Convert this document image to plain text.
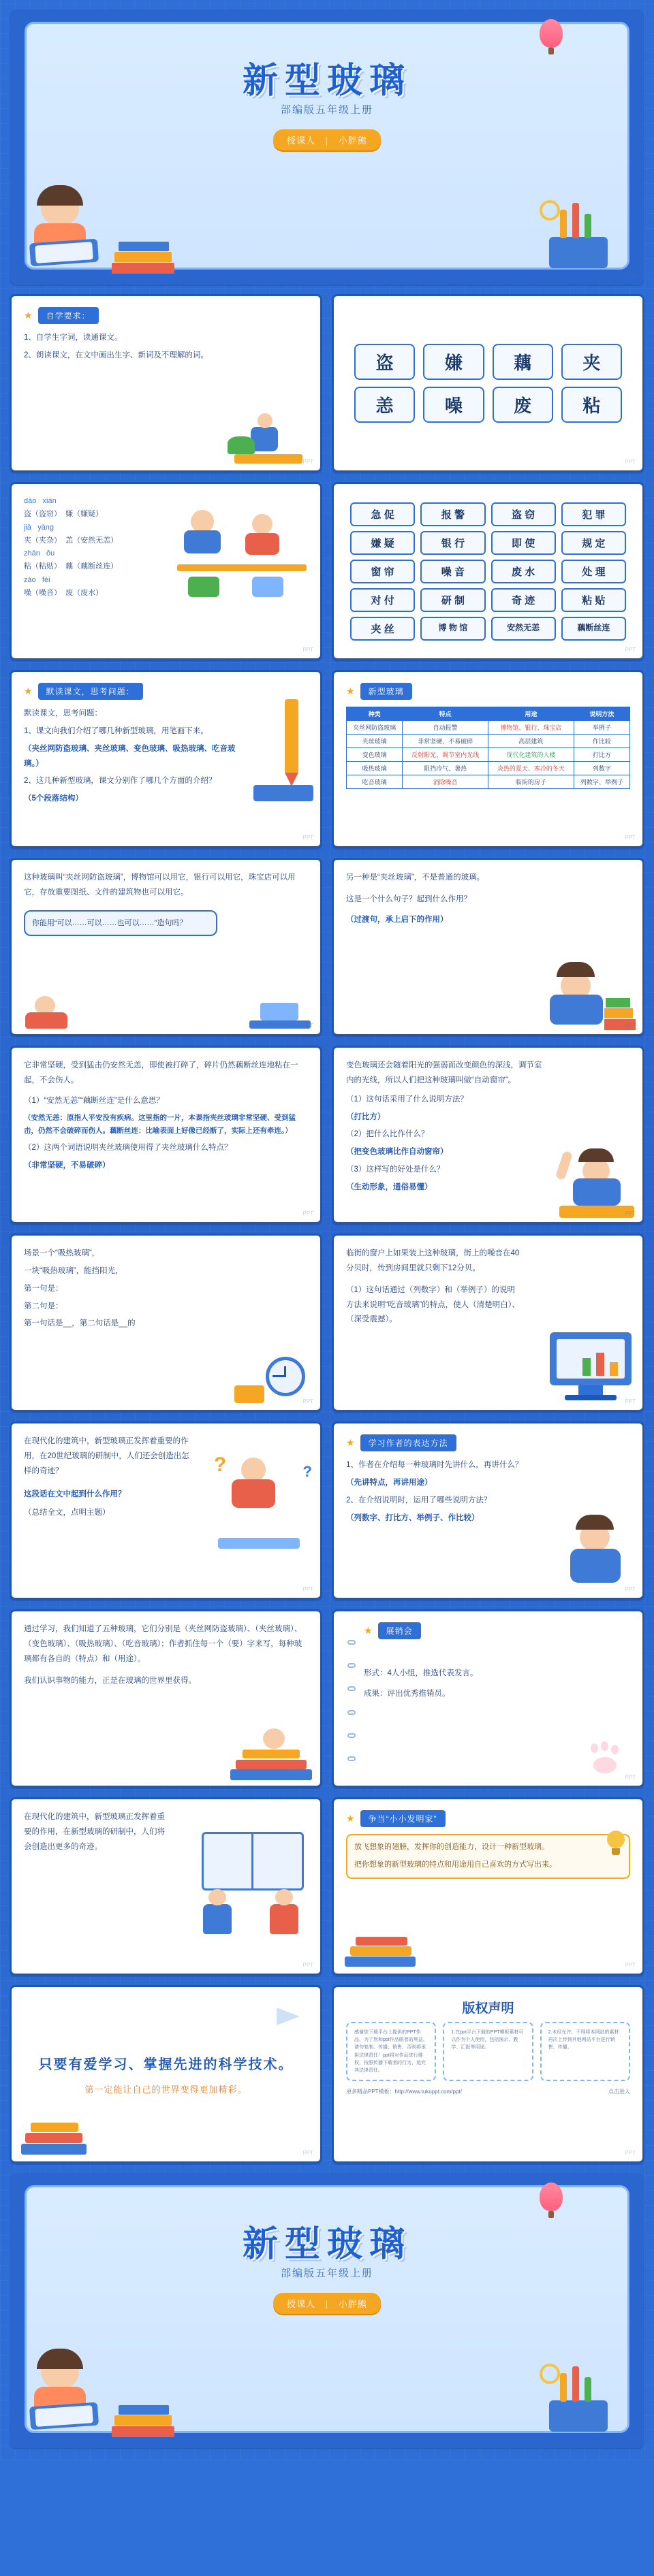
新型玻璃
部编版五年级上册
授课人 | 小胖熊
PPT
★	自学要求：

1、自学生字词，读通课文。

2、朗读课文，在文中画出生字、新词及不理解的词。

PPT
盗	嫌	藕	夹
恙	噪	废	粘
PPT
dào xián
盗（盗窃） 嫌（嫌疑）
jiā yàng
夹（夹杂） 恙（安然无恙）
zhān ǒu
粘（粘贴） 藕（藕断丝连）
zào fèi
噪（噪音） 废（废水）
PPT
急 促	报 警	盗 窃	犯 罪
嫌 疑	银 行	即 使	规 定
窗 帘	噪 音	废 水	处 理
对 付	研 制	奇 迹	粘 贴
夹 丝	博 物 馆	安然无恙	藕断丝连
PPT
★	默读课文，思考问题：

默读课文，思考问题：

1、课文向我们介绍了哪几种新型玻璃，用笔画下来。

（夹丝网防盗玻璃、夹丝玻璃、变色玻璃、吸热玻璃、吃音玻璃。）

2、这几种新型玻璃，课文分别作了哪几个方面的介绍？

（5个段落结构）

PPT
★	新型玻璃
种类	特点	用途	说明方法
夹丝网防盗玻璃	自动报警	博物馆、银行、珠宝店	举例子
夹丝玻璃	非常坚硬、不易破碎	高层建筑	作比较
变色玻璃	反射阳光、调节室内光线	现代化建筑的大楼	打比方
吸热玻璃	阻挡冷气、暑热	炎热的夏天、寒冷的冬天	列数字
吃音玻璃	消除噪音	临街的房子	列数字、举例子
PPT
这种玻璃叫“夹丝网防盗玻璃”，博物馆可以用它，银行可以用它，珠宝店可以用它，存放重要图纸、文件的建筑物也可以用它。
你能用“可以……可以……也可以……”造句吗？
PPT
另一种是“夹丝玻璃”，不是普通的玻璃。
这是一个什么句子？起到什么作用？
（过渡句，承上启下的作用）
PPT
它非常坚硬，受到猛击仍安然无恙，即使被打碎了，碎片仍然藕断丝连地粘在一起，不会伤人。

（1）“安然无恙”“藕断丝连”是什么意思？

（安然无恙：原指人平安没有疾病。这里指的一片，本课指夹丝玻璃非常坚硬、受到猛击，仍然不会破碎而伤人。藕断丝连：比喻表面上好像已经断了，实际上还有牵连。）

（2）这两个词语说明夹丝玻璃使用得了夹丝玻璃什么特点？

（非常坚硬，不易破碎）

PPT
变色玻璃还会随着阳光的强弱而改变颜色的深浅，调节室内的光线，所以人们把这种玻璃叫做“自动窗帘”。

（1）这句话采用了什么说明方法？

（打比方）

（2）把什么比作什么？

（把变色玻璃比作自动窗帘）

（3）这样写的好处是什么？

（生动形象，通俗易懂）

PPT

场景一个“吸热玻璃”，

一块“吸热玻璃”，能挡阳光，

第一句是：

第二句是：

第一句话是__，第二句话是__的

PPT
临街的窗户上如果装上这种玻璃，街上的噪音在40分贝时，传到房间里就只剩下12分贝。
（1）这句话通过（列数字）和（举例子）的说明方法来说明“吃音玻璃”的特点，使人（清楚明白）、（深受震撼）。
PPT
在现代化的建筑中，新型玻璃正发挥着重要的作用，在20世纪玻璃的研制中，人们还会创造出怎样的奇迹？
这段话在文中起到什么作用？
（总结全文，点明主题）
?	?
PPT
★	学习作者的表达方法

1、作者在介绍每一种玻璃时先讲什么，再讲什么？

（先讲特点，再讲用途）

2、在介绍说明时，运用了哪些说明方法？

（列数字、打比方、举例子、作比较）

PPT
通过学习，我们知道了五种玻璃，它们分别是（夹丝网防盗玻璃）、（夹丝玻璃）、（变色玻璃）、（吸热玻璃）、（吃音玻璃）；作者抓住每一个（要）字来写，每种玻璃都有各自的（特点）和（用途）。
我们认识事物的能力，正是在玻璃的世界里获得。
PPT
★	展销会

形式：4人小组，推选代表发言。

成果：评出优秀推销员。

PPT
在现代化的建筑中，新型玻璃正发挥着重要的作用，在新型玻璃的研制中，人们将会创造出更多的奇迹。
PPT
★	争当“小小发明家”

放飞想象的翅膀，发挥你的创造能力，设计一种新型玻璃。

把你想象的新型玻璃的特点和用途用自己喜欢的方式写出来。

PPT
只要有爱学习、掌握先进的科学技术。
第一定能让自己的世界变得更加精彩。
PPT
版权声明
感谢您下载平台上提供的PPT作品，为了您和ppt作品眼者的利益，请勿复制、传播、销售，否则将承担法律责任！ppt将对作品进行维权，按照传播下载者的行为，追究其法律责任。
1.在ppt平台下载的PPT模板素材可以作为个人使用，包括演示、教学、汇报等用途。
2.未经允许，不得将本网站的素材再次上传到其他网站平台进行销售、传播。
更多精品PPT模板：http://www.tukuppt.com/ppt/	点击进入
PPT
新型玻璃
部编版五年级上册
授课人 | 小胖熊
PPT
